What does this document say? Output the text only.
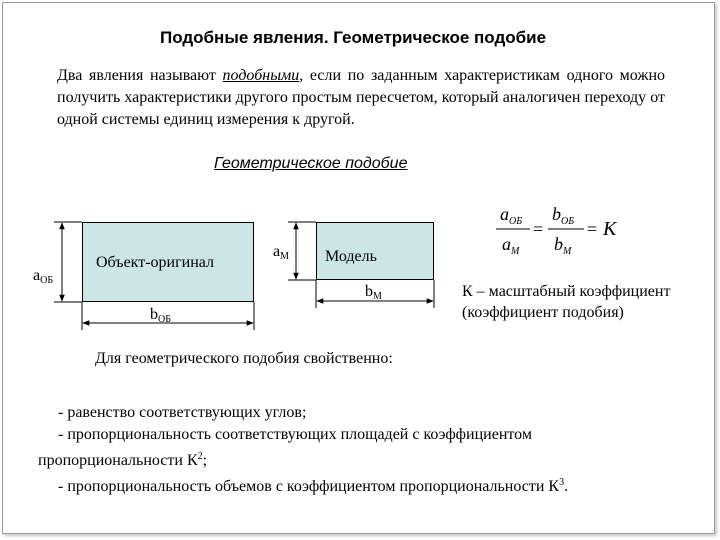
Подобные явления. Геометрическое подобие
Два явления называют подобными, если по заданным характеристикам одного можно получить характеристики другого простым пересчетом, который аналогичен переходу от одной системы единиц измерения к другой.
Геометрическое подобие
Объект-оригинал	Модель
$a_{ОБ}$
$b_{ОБ}$
$a_М$
$b_М$
$a_{ОБ}$
$a_М$
=
$b_{ОБ}$
$b_М$
= K
К – масштабный коэффициент (коэффициент подобия)
Для геометрического подобия свойственно:
- равенство соответствующих углов;
- пропорциональность соответствующих площадей с коэффициентом
пропорциональности $К^2$;
- пропорциональность объемов с коэффициентом пропорциональности $К^3$.
